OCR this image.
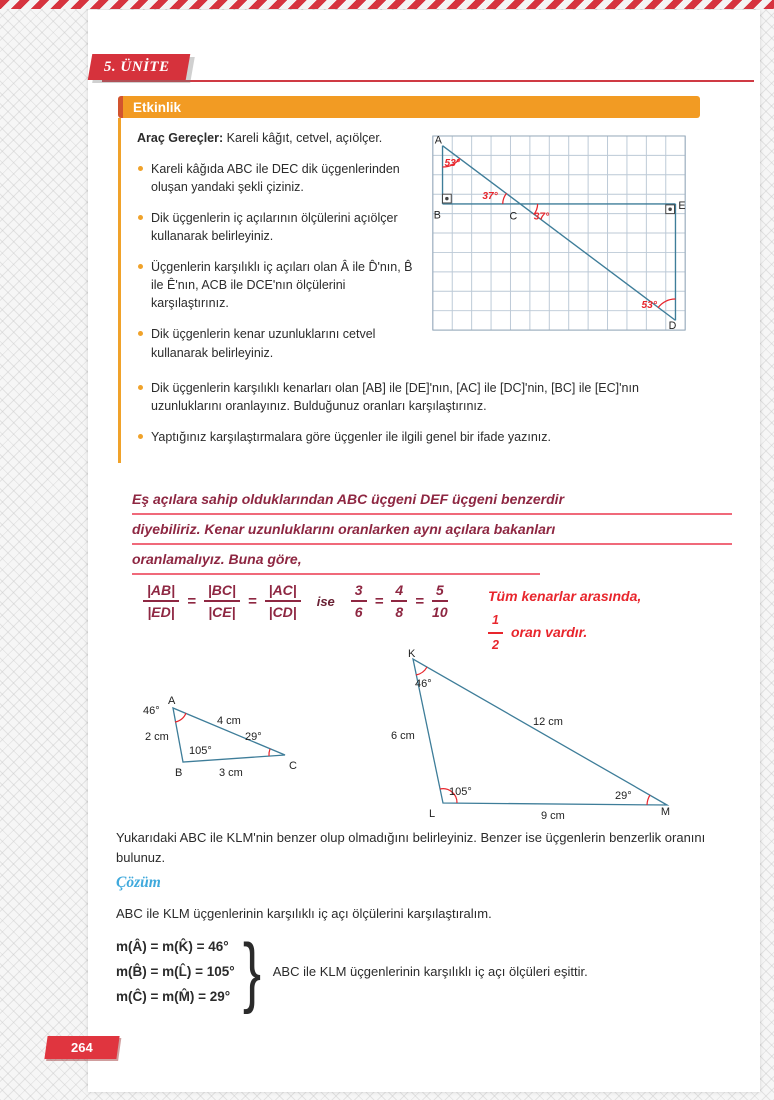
5. ÜNİTE
Etkinlik

Araç Gereçler: Kareli kâğıt, cetvel, açıölçer.

Kareli kâğıda ABC ile DEC dik üçgenlerinden oluşan yandaki şekli çiziniz.
Dik üçgenlerin iç açılarının ölçülerini açıölçer kullanarak belirleyiniz.
Üçgenlerin karşılıklı iç açıları olan Â ile D̂'nın, B̂ ile Ê'nın, ACB ile DCE'nın ölçülerini karşılaştırınız.
Dik üçgenlerin kenar uzunluklarını cetvel kullanarak belirleyiniz.
A
B	C
E
D
53°
37°
37°
53°
Dik üçgenlerin karşılıklı kenarları olan [AB] ile [DE]'nın, [AC] ile [DC]'nin, [BC] ile [EC]'nın uzunluklarını oranlayınız. Bulduğunuz oranları karşılaştırınız.
Yaptığınız karşılaştırmalara göre üçgenler ile ilgili genel bir ifade yazınız.
Eş açılara sahip olduklarından ABC üçgeni DEF üçgeni benzerdir
diyebiliriz. Kenar uzunluklarını oranlarken aynı açılara bakanları
oranlamalıyız. Buna göre,
$\frac{|AB|}{|ED|} = \frac{|BC|}{|CE|} = \frac{|AC|}{|CD|}$ ise $\frac{3}{6} = \frac{4}{8} = \frac{5}{10}$	Tüm kenarlar arasında,
$\frac{1}{2}$ oran vardır.
A
46°
2 cm
4 cm
105°
B	3 cm
C
29°
K
46°
6 cm
12 cm
105°
L	9 cm
29°
M

Yukarıdaki ABC ile KLM'nin benzer olup olmadığını belirleyiniz. Benzer ise üçgenlerin benzerlik oranını bulunuz.

Çözüm

ABC ile KLM üçgenlerinin karşılıklı iç açı ölçülerini karşılaştıralım.

m(Â) = m(K̂) = 46°
m(B̂) = m(L̂) = 105°
m(Ĉ) = m(M̂) = 29° } ABC ile KLM üçgenlerinin karşılıklı iç açı ölçüleri eşittir.
264
